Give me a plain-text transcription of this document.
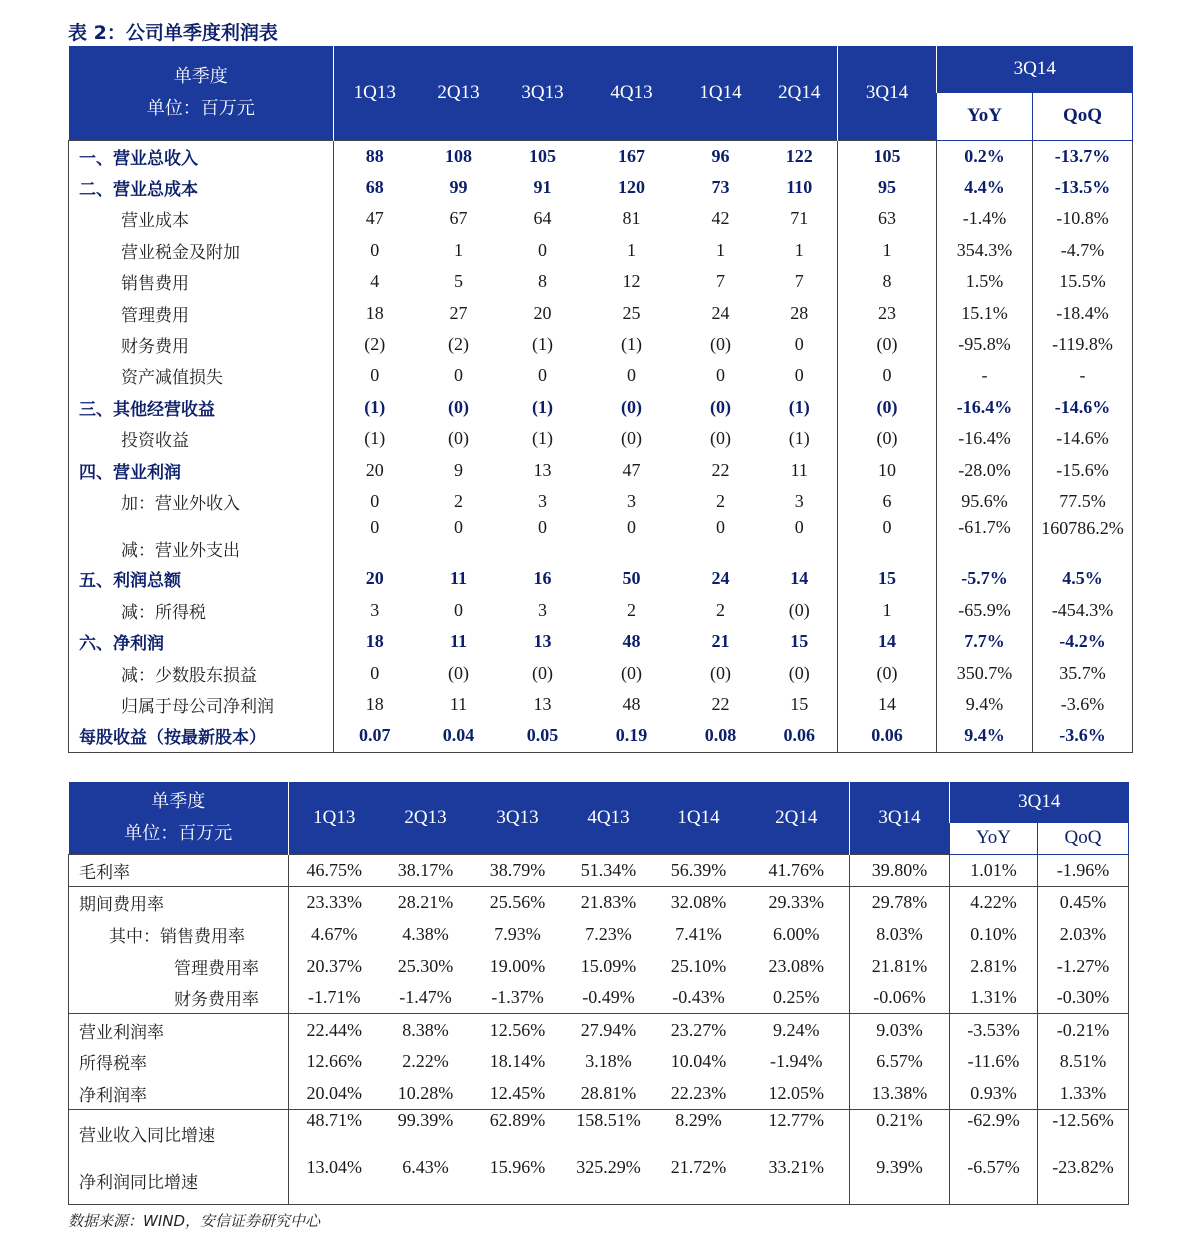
表 2：公司单季度利润表
单季度
单位：百万元	1Q13	2Q13	3Q13	4Q13	1Q14	2Q14	3Q14	3Q14	
								YoY	QoQ
一、营业总收入	88	108	105	167	96	122	105	0.2%	-13.7%
二、营业总成本	68	99	91	120	73	110	95	4.4%	-13.5%
营业成本	47	67	64	81	42	71	63	-1.4%	-10.8%
营业税金及附加	0	1	0	1	1	1	1	354.3%	-4.7%
销售费用	4	5	8	12	7	7	8	1.5%	15.5%
管理费用	18	27	20	25	24	28	23	15.1%	-18.4%
财务费用	(2)	(2)	(1)	(1)	(0)	0	(0)	-95.8%	-119.8%
资产减值损失	0	0	0	0	0	0	0	-	-
三、其他经营收益	(1)	(0)	(1)	(0)	(0)	(1)	(0)	-16.4%	-14.6%
投资收益	(1)	(0)	(1)	(0)	(0)	(1)	(0)	-16.4%	-14.6%
四、营业利润	20	9	13	47	22	11	10	-28.0%	-15.6%
加：营业外收入	0	2	3	3	2	3	6	95.6%	77.5%
减：营业外支出	0	0	0	0	0	0	0	-61.7%	160786.2%
五、利润总额	20	11	16	50	24	14	15	-5.7%	4.5%
减：所得税	3	0	3	2	2	(0)	1	-65.9%	-454.3%
六、净利润	18	11	13	48	21	15	14	7.7%	-4.2%
减：少数股东损益	0	(0)	(0)	(0)	(0)	(0)	(0)	350.7%	35.7%
归属于母公司净利润	18	11	13	48	22	15	14	9.4%	-3.6%
每股收益（按最新股本）	0.07	0.04	0.05	0.19	0.08	0.06	0.06	9.4%	-3.6%
单季度
单位：百万元	1Q13	2Q13	3Q13	4Q13	1Q14	2Q14	3Q14	3Q14	
								YoY	QoQ
毛利率	46.75%	38.17%	38.79%	51.34%	56.39%	41.76%	39.80%	1.01%	-1.96%
期间费用率	23.33%	28.21%	25.56%	21.83%	32.08%	29.33%	29.78%	4.22%	0.45%
其中：销售费用率	4.67%	4.38%	7.93%	7.23%	7.41%	6.00%	8.03%	0.10%	2.03%
管理费用率	20.37%	25.30%	19.00%	15.09%	25.10%	23.08%	21.81%	2.81%	-1.27%
财务费用率	-1.71%	-1.47%	-1.37%	-0.49%	-0.43%	0.25%	-0.06%	1.31%	-0.30%
营业利润率	22.44%	8.38%	12.56%	27.94%	23.27%	9.24%	9.03%	-3.53%	-0.21%
所得税率	12.66%	2.22%	18.14%	3.18%	10.04%	-1.94%	6.57%	-11.6%	8.51%
净利润率	20.04%	10.28%	12.45%	28.81%	22.23%	12.05%	13.38%	0.93%	1.33%
营业收入同比增速	48.71%	99.39%	62.89%	158.51%	8.29%	12.77%	0.21%	-62.9%	-12.56%
净利润同比增速	13.04%	6.43%	15.96%	325.29%	21.72%	33.21%	9.39%	-6.57%	-23.82%
数据来源：WIND，安信证券研究中心
